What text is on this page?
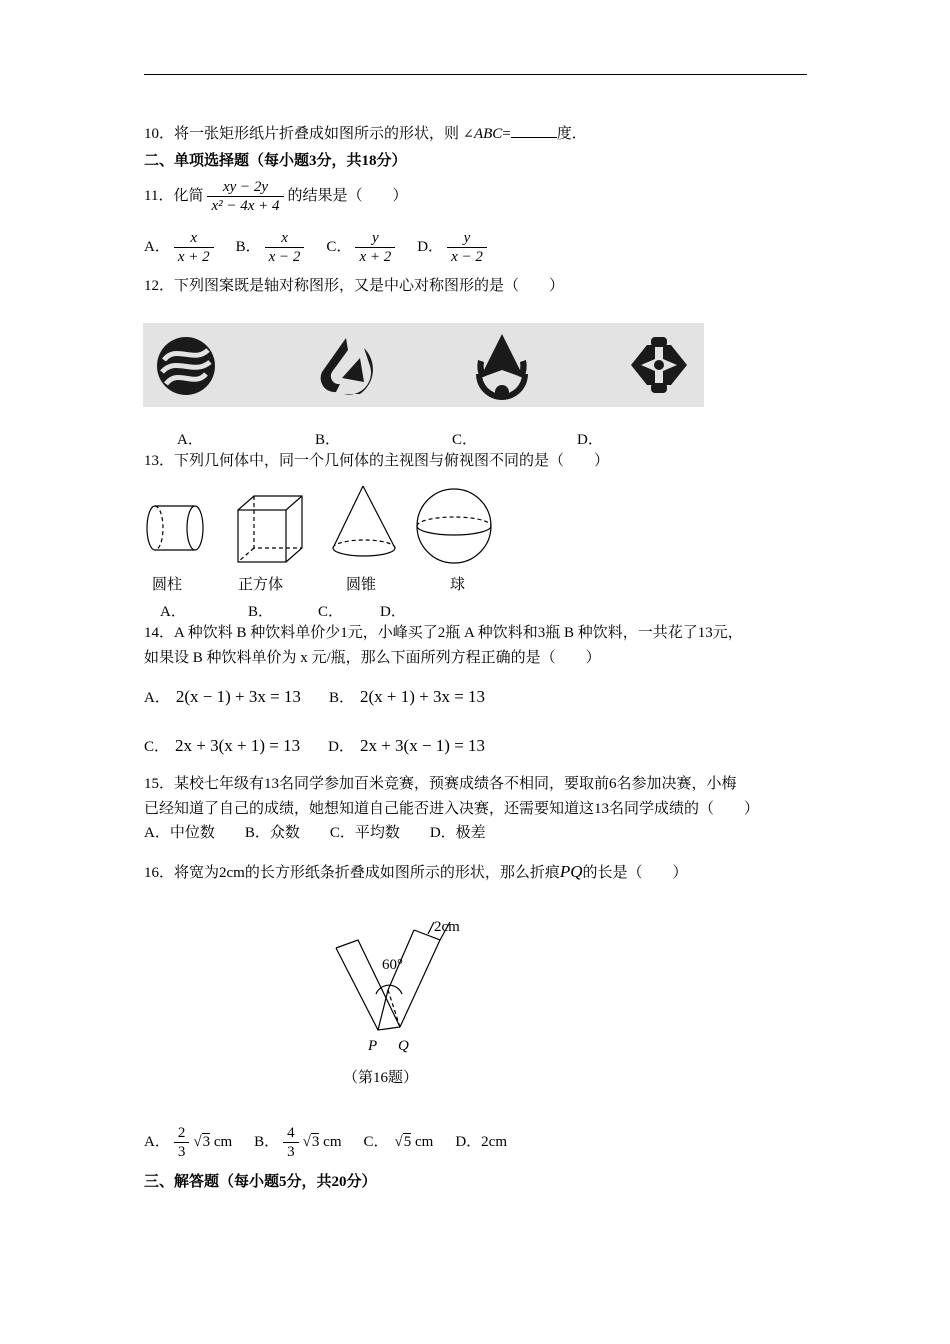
10．将一张矩形纸片折叠成如图所示的形状，则 ∠ABC=	度．
二、单项选择题（每小题3分，共18分）
11．化简 $\frac{xy - 2y}{\text{x² − 4x + 4}}$ 的结果是（　　）
A． $\frac{x}{x + 2}$ B． $\frac{x}{x - 2}$ C． $\frac{y}{x + 2}$ D． $\frac{y}{x - 2}$
12．下列图案既是轴对称图形，又是中心对称图形的是（　　）
A．	B．	C．	D．
13．下列几何体中，同一个几何体的主视图与俯视图不同的是（　　）
圆柱	正方体	圆锥	球
A．	B．	C． D．
14．A 种饮料 B 种饮料单价少1元，小峰买了2瓶 A 种饮料和3瓶 B 种饮料，一共花了13元，
如果设 B 种饮料单价为 x 元/瓶，那么下面所列方程正确的是（　　）
A． 2(x − 1) + 3x = 13 B． 2(x + 1) + 3x = 13
C． 2x + 3(x + 1) = 13 D． 2x + 3(x − 1) = 13
15．某校七年级有13名同学参加百米竞赛，预赛成绩各不相同，要取前6名参加决赛，小梅
已经知道了自己的成绩，她想知道自己能否进入决赛，还需要知道这13名同学成绩的（　　）
A．中位数　　B．众数　　C．平均数　　D．极差
16．将宽为2cm的长方形纸条折叠成如图所示的形状，那么折痕PQ的长是（　　）
2cm
60°
P Q
（第16题）
A． $\frac{2}{3} √3$ cm B． $\frac{4}{3} √3$ cm C． √5 cm D．2cm
三、解答题（每小题5分，共20分）
